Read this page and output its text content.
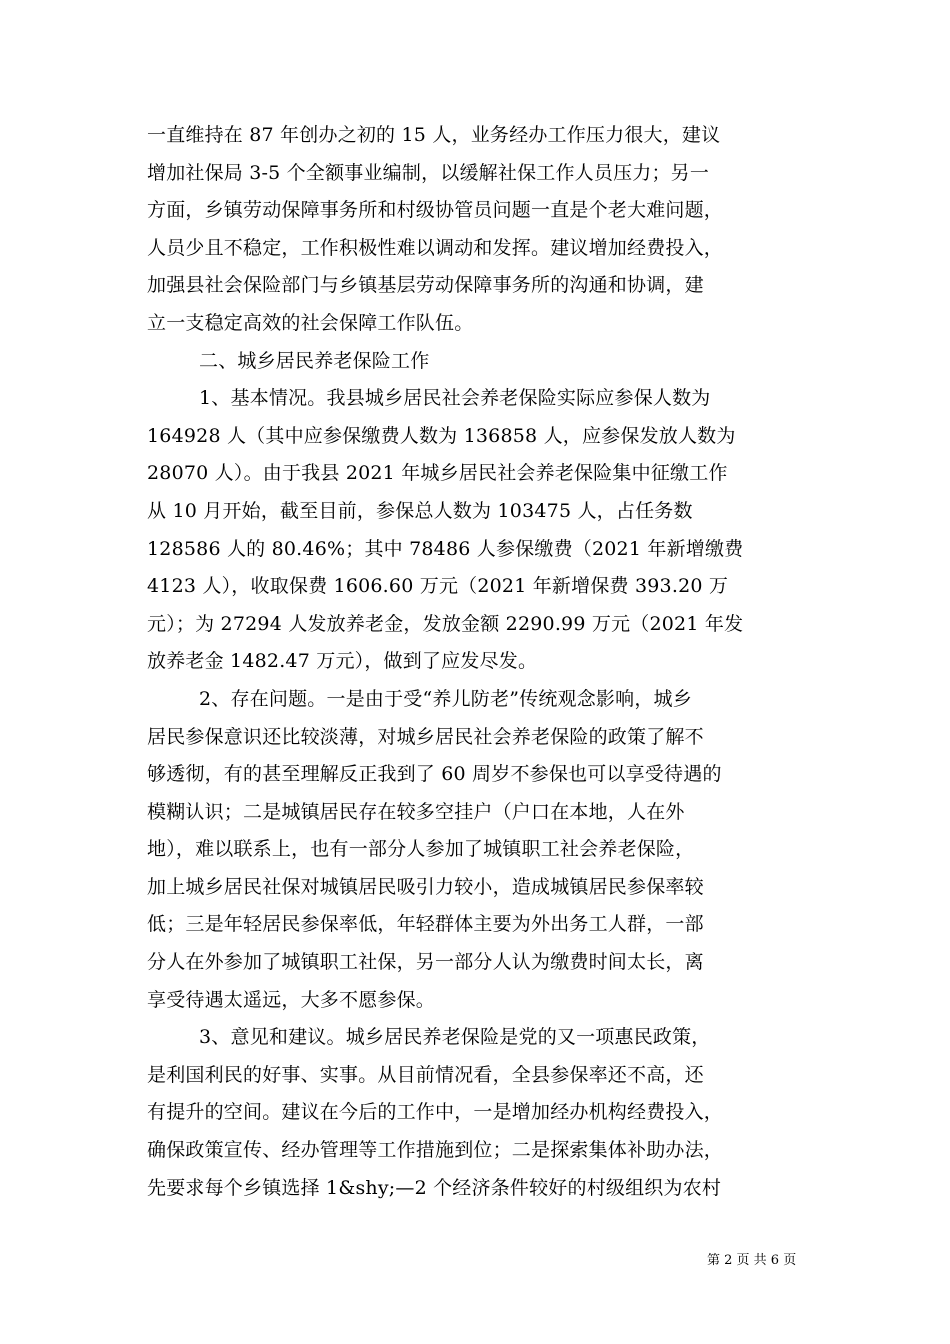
一直维持在 87 年创办之初的 15 人，业务经办工作压力很大，建议
增加社保局 3-5 个全额事业编制，以缓解社保工作人员压力；另一
方面，乡镇劳动保障事务所和村级协管员问题一直是个老大难问题，
人员少且不稳定，工作积极性难以调动和发挥。建议增加经费投入，
加强县社会保险部门与乡镇基层劳动保障事务所的沟通和协调，建
立一支稳定高效的社会保障工作队伍。
二、城乡居民养老保险工作
1、基本情况。我县城乡居民社会养老保险实际应参保人数为
164928 人（其中应参保缴费人数为 136858 人，应参保发放人数为
28070 人）。由于我县 2021 年城乡居民社会养老保险集中征缴工作
从 10 月开始，截至目前，参保总人数为 103475 人，占任务数
128586 人的 80.46%；其中 78486 人参保缴费（2021 年新增缴费
4123 人），收取保费 1606.60 万元（2021 年新增保费 393.20 万
元）；为 27294 人发放养老金，发放金额 2290.99 万元（2021 年发
放养老金 1482.47 万元），做到了应发尽发。
2、存在问题。一是由于受“养儿防老”传统观念影响，城乡
居民参保意识还比较淡薄，对城乡居民社会养老保险的政策了解不
够透彻，有的甚至理解反正我到了 60 周岁不参保也可以享受待遇的
模糊认识；二是城镇居民存在较多空挂户（户口在本地，人在外
地），难以联系上，也有一部分人参加了城镇职工社会养老保险，
加上城乡居民社保对城镇居民吸引力较小，造成城镇居民参保率较
低；三是年轻居民参保率低，年轻群体主要为外出务工人群，一部
分人在外参加了城镇职工社保，另一部分人认为缴费时间太长，离
享受待遇太遥远，大多不愿参保。
3、意见和建议。城乡居民养老保险是党的又一项惠民政策，
是利国利民的好事、实事。从目前情况看，全县参保率还不高，还
有提升的空间。建议在今后的工作中，一是增加经办机构经费投入，
确保政策宣传、经办管理等工作措施到位；二是探索集体补助办法，
先要求每个乡镇选择 1&shy;—2 个经济条件较好的村级组织为农村
第 2 页 共 6 页
